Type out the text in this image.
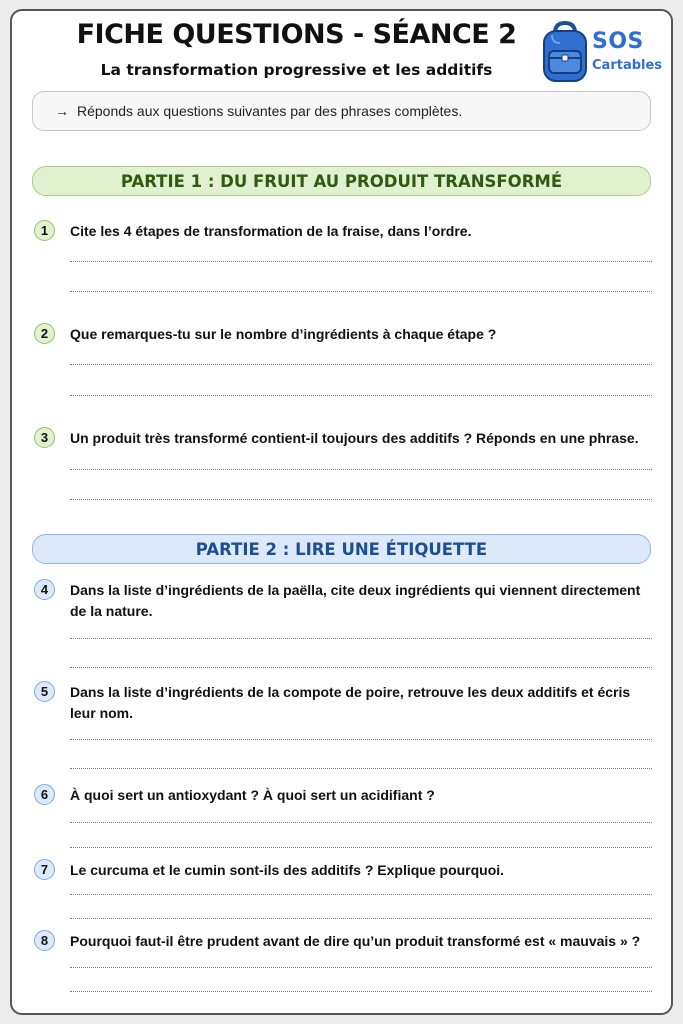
FICHE QUESTIONS - SÉANCE 2
La transformation progressive et les additifs
SOS
Cartables
→ Réponds aux questions suivantes par des phrases complètes.
PARTIE 1 : DU FRUIT AU PRODUIT TRANSFORMÉ
1	Cite les 4 étapes de transformation de la fraise, dans l’ordre.
2	Que remarques-tu sur le nombre d’ingrédients à chaque étape ?
3	Un produit très transformé contient-il toujours des additifs ? Réponds en une phrase.
PARTIE 2 : LIRE UNE ÉTIQUETTE
4	Dans la liste d’ingrédients de la paëlla, cite deux ingrédients qui viennent directement de la nature.
5	Dans la liste d’ingrédients de la compote de poire, retrouve les deux additifs et écris leur nom.
6	À quoi sert un antioxydant ? À quoi sert un acidifiant ?
7	Le curcuma et le cumin sont-ils des additifs ? Explique pourquoi.
8	Pourquoi faut-il être prudent avant de dire qu’un produit transformé est « mauvais » ?
